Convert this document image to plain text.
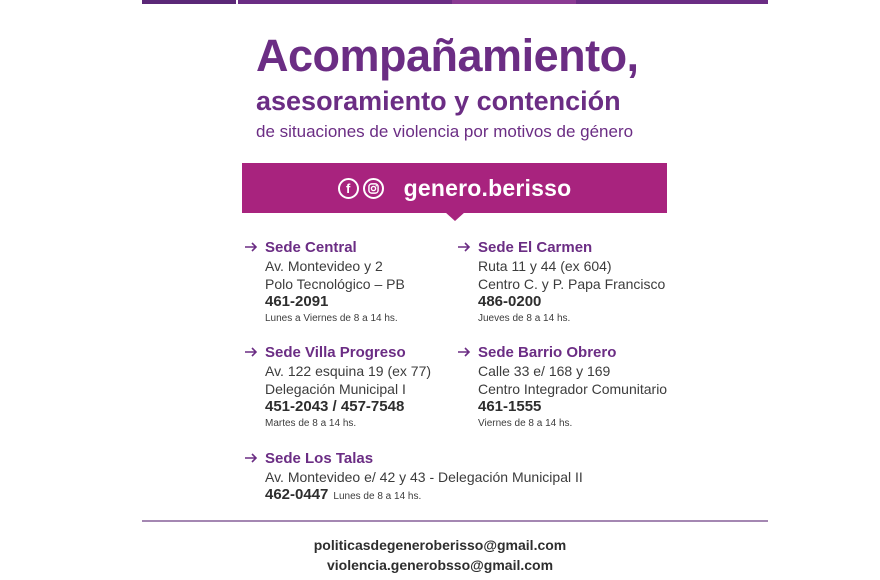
Acompañamiento,
asesoramiento y contención
de situaciones de violencia por motivos de género
f	genero.berisso
Sede Central
Av. Montevideo y 2
Polo Tecnológico – PB
461-2091
Lunes a Viernes de 8 a 14 hs.
Sede El Carmen
Ruta 11 y 44 (ex 604)
Centro C. y P. Papa Francisco
486-0200
Jueves de 8 a 14 hs.
Sede Villa Progreso
Av. 122 esquina 19 (ex 77)
Delegación Municipal I
451-2043 / 457-7548
Martes de 8 a 14 hs.
Sede Barrio Obrero
Calle 33 e/ 168 y 169
Centro Integrador Comunitario
461-1555
Viernes de 8 a 14 hs.
Sede Los Talas
Av. Montevideo e/ 42 y 43 - Delegación Municipal II
462-0447 Lunes de 8 a 14 hs.
politicasdegeneroberisso@gmail.com
violencia.generobsso@gmail.com
